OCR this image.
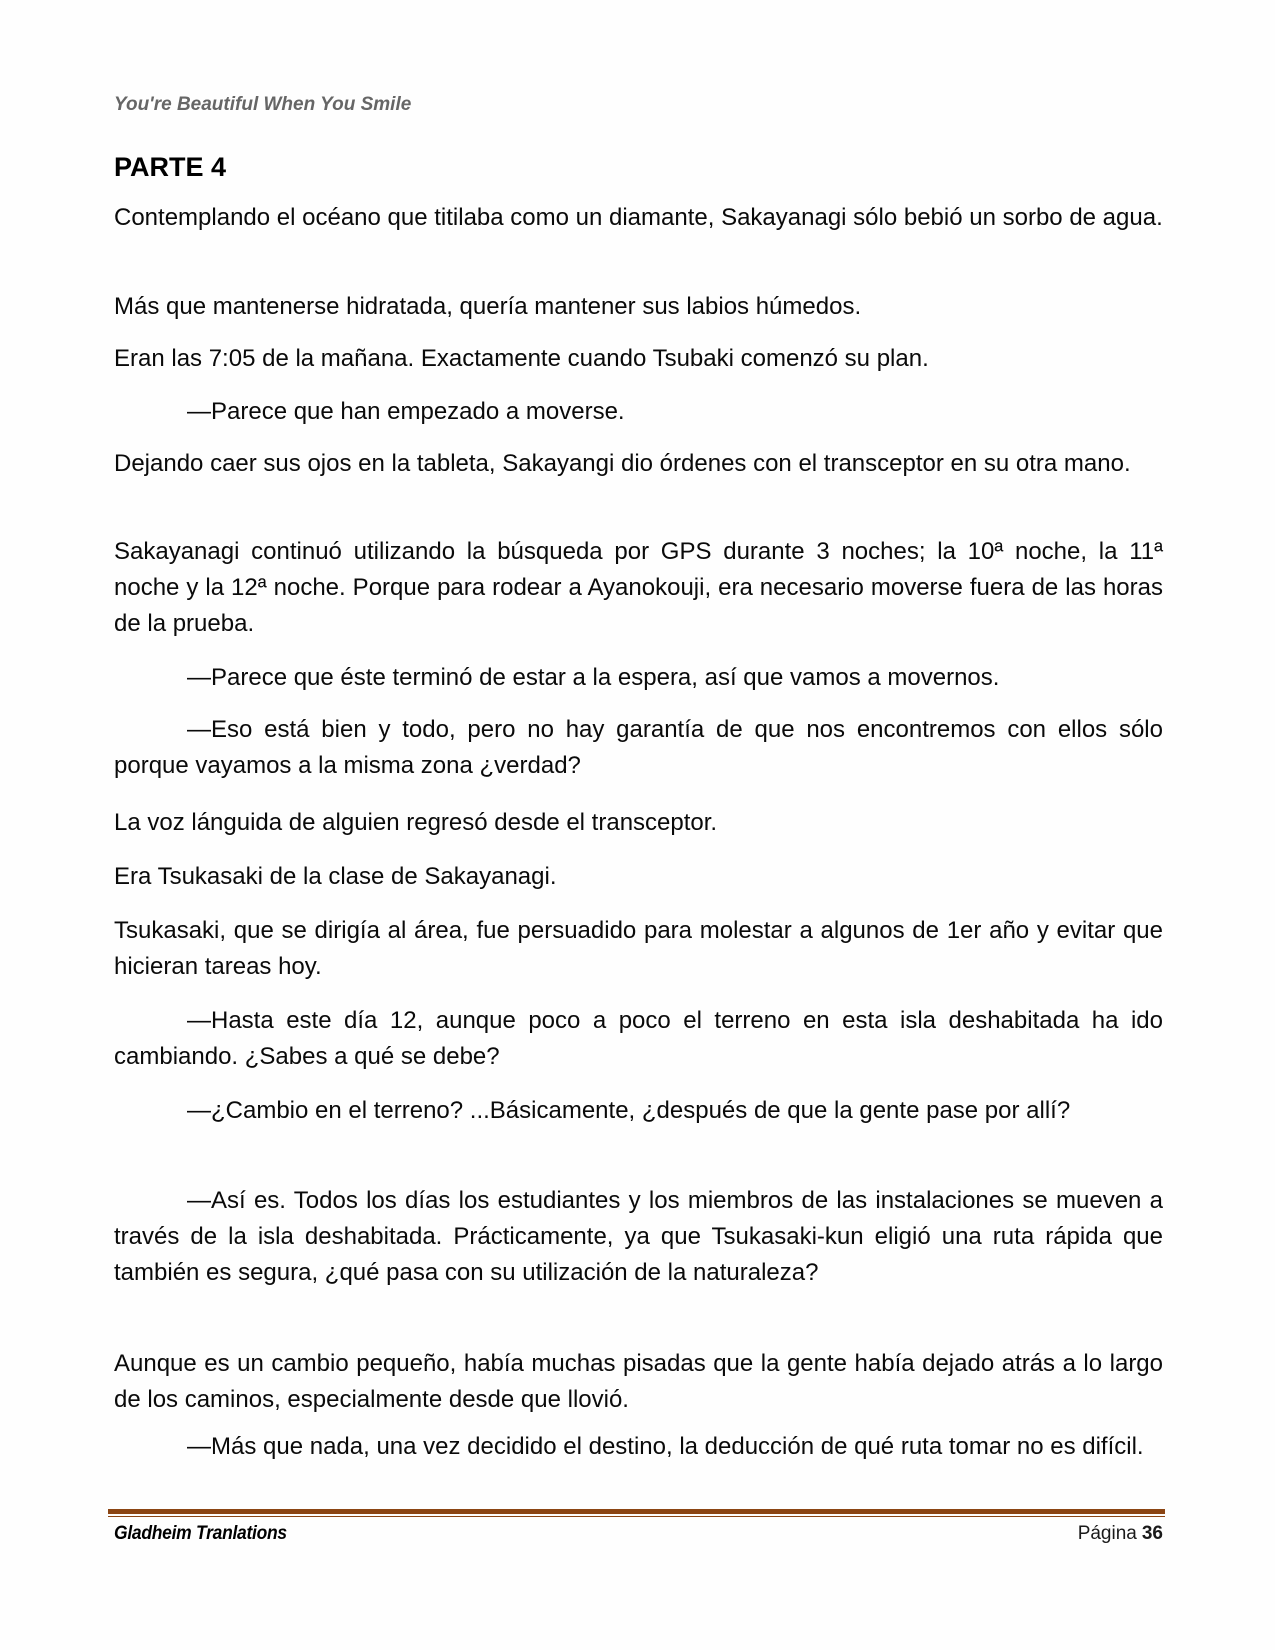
You're Beautiful When You Smile
PARTE 4

Contemplando el océano que titilaba como un diamante, Sakayanagi sólo bebió un sorbo de agua.

Más que mantenerse hidratada, quería mantener sus labios húmedos.

Eran las 7:05 de la mañana. Exactamente cuando Tsubaki comenzó su plan.

—Parece que han empezado a moverse.

Dejando caer sus ojos en la tableta, Sakayangi dio órdenes con el transceptor en su otra mano.

Sakayanagi continuó utilizando la búsqueda por GPS durante 3 noches; la 10ª noche, la 11ª noche y la 12ª noche. Porque para rodear a Ayanokouji, era necesario moverse fuera de las horas de la prueba.

—Parece que éste terminó de estar a la espera, así que vamos a movernos.

—Eso está bien y todo, pero no hay garantía de que nos encontremos con ellos sólo porque vayamos a la misma zona ¿verdad?

La voz lánguida de alguien regresó desde el transceptor.

Era Tsukasaki de la clase de Sakayanagi.

Tsukasaki, que se dirigía al área, fue persuadido para molestar a algunos de 1er año y evitar que hicieran tareas hoy.

—Hasta este día 12, aunque poco a poco el terreno en esta isla deshabitada ha ido cambiando. ¿Sabes a qué se debe?

—¿Cambio en el terreno? ...Básicamente, ¿después de que la gente pase por allí?

—Así es. Todos los días los estudiantes y los miembros de las instalaciones se mueven a través de la isla deshabitada. Prácticamente, ya que Tsukasaki-kun eligió una ruta rápida que también es segura, ¿qué pasa con su utilización de la naturaleza?

Aunque es un cambio pequeño, había muchas pisadas que la gente había dejado atrás a lo largo de los caminos, especialmente desde que llovió.

—Más que nada, una vez decidido el destino, la deducción de qué ruta tomar no es difícil.

Gladheim Tranlations	Página 36
